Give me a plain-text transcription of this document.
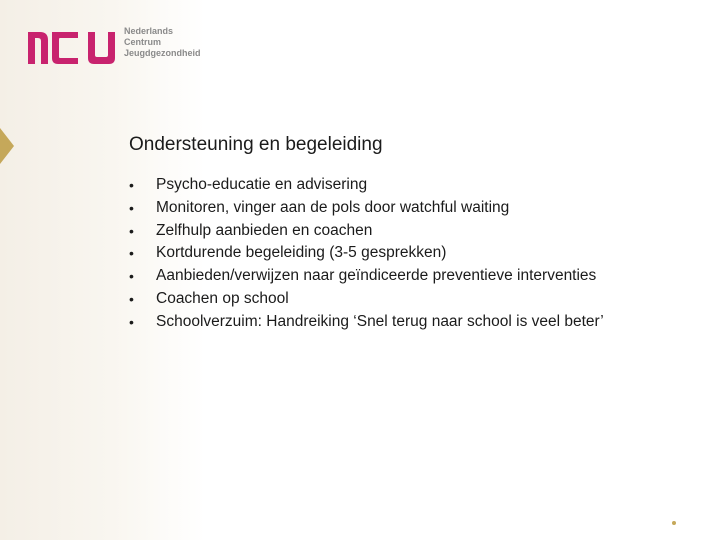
Nederlands
Centrum
Jeugdgezondheid
Ondersteuning en begeleiding
• Psycho-educatie en advisering
• Monitoren, vinger aan de pols door watchful waiting
• Zelfhulp aanbieden en coachen
• Kortdurende begeleiding (3-5 gesprekken)
• Aanbieden/verwijzen naar geïndiceerde preventieve interventies
• Coachen op school
• Schoolverzuim: Handreiking ‘Snel terug naar school is veel beter’
